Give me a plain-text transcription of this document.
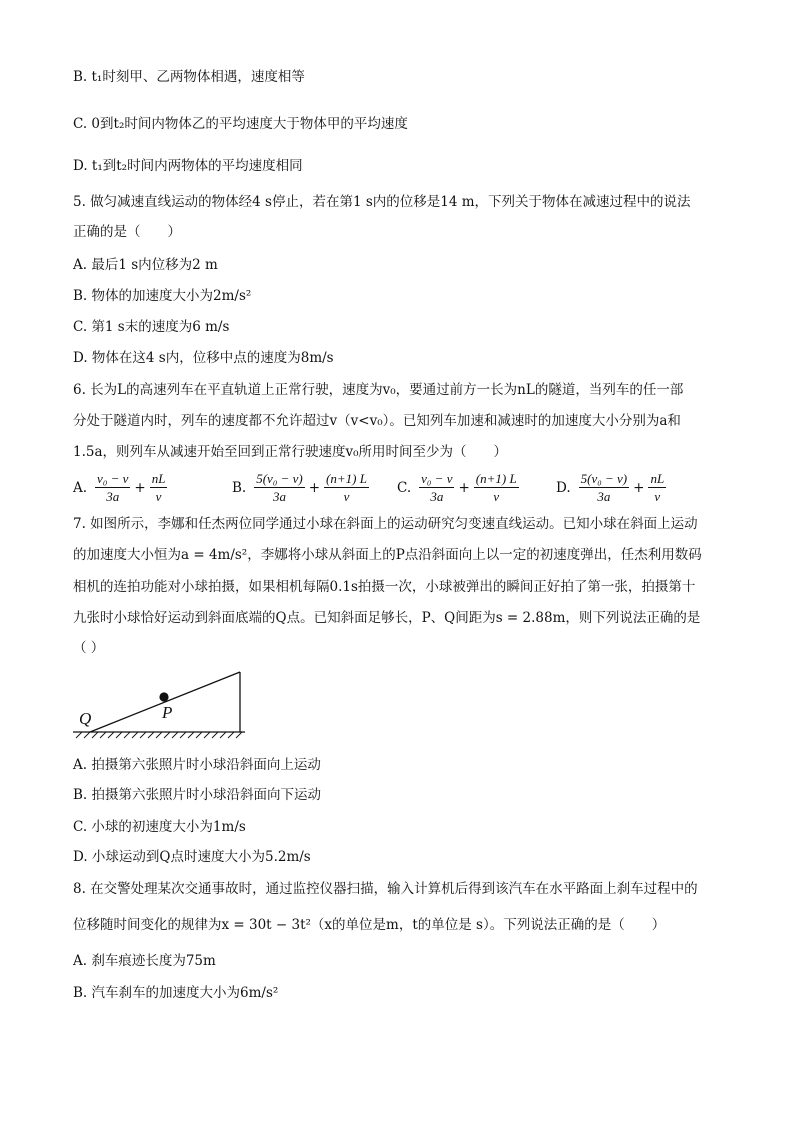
B. t₁时刻甲、乙两物体相遇，速度相等
C. 0到t₂时间内物体乙的平均速度大于物体甲的平均速度
D. t₁到t₂时间内两物体的平均速度相同
5. 做匀减速直线运动的物体经4 s停止，若在第1 s内的位移是14 m，下列关于物体在减速过程中的说法
正确的是（　　）
A. 最后1 s内位移为2 m
B. 物体的加速度大小为2m/s²
C. 第1 s末的速度为6 m/s
D. 物体在这4 s内，位移中点的速度为8m/s
6. 长为L的高速列车在平直轨道上正常行驶，速度为v₀，要通过前方一长为nL的隧道，当列车的任一部
分处于隧道内时，列车的速度都不允许超过v（v<v₀）。已知列车加速和减速时的加速度大小分别为a和
1.5a，则列车从减速开始至回到正常行驶速度v₀所用时间至少为（　　）
A. $\frac{\text{v₀ − v}}{3a} + \frac{nL}{v}$	B. $\frac{\text{5(v₀ − v)}}{3a} + \frac{(n+1) L}{v} C$. $\frac{\text{v₀ − v}}{3a} + \frac{(n+1) L}{v}$	D. $\frac{\text{5(v₀ − v)}}{3a} + \frac{nL}{v}$
7. 如图所示，李娜和任杰两位同学通过小球在斜面上的运动研究匀变速直线运动。已知小球在斜面上运动
的加速度大小恒为a = 4m/s²，李娜将小球从斜面上的P点沿斜面向上以一定的初速度弹出，任杰利用数码
相机的连拍功能对小球拍摄，如果相机每隔0.1s拍摄一次，小球被弹出的瞬间正好拍了第一张，拍摄第十
九张时小球恰好运动到斜面底端的Q点。已知斜面足够长，P、Q间距为s = 2.88m，则下列说法正确的是
（ ）
Q	P
A. 拍摄第六张照片时小球沿斜面向上运动
B. 拍摄第六张照片时小球沿斜面向下运动
C. 小球的初速度大小为1m/s
D. 小球运动到Q点时速度大小为5.2m/s
8. 在交警处理某次交通事故时，通过监控仪器扫描，输入计算机后得到该汽车在水平路面上刹车过程中的
位移随时间变化的规律为x = 30t − 3t²（x的单位是m，t的单位是 s）。下列说法正确的是（　　）
A. 刹车痕迹长度为75m
B. 汽车刹车的加速度大小为6m/s²
